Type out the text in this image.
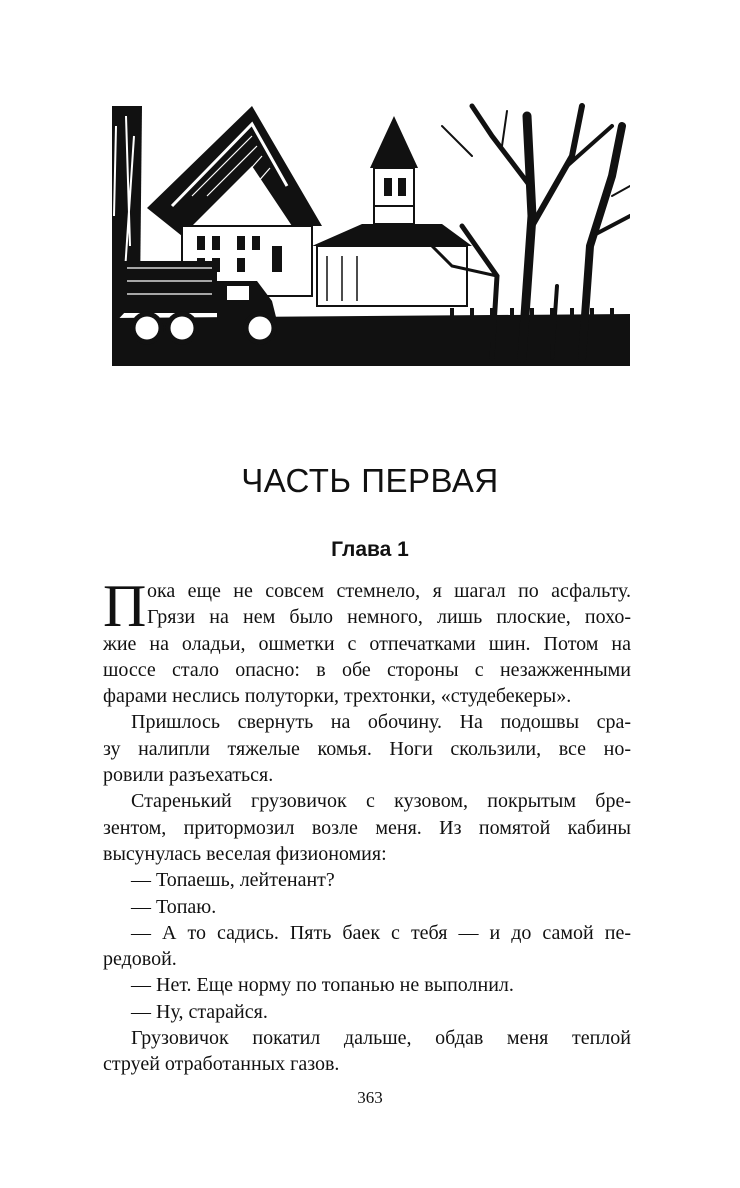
ЧАСТЬ ПЕРВАЯ
Глава 1
П ока еще не совсем стемнело, я шагал по асфальту.
Грязи на нем было немного, лишь плоские, похо-
жие на оладьи, ошметки с отпечатками шин. Потом на
шоссе стало опасно: в обе стороны с незажженными
фарами неслись полуторки, трехтонки, «студебекеры».
Пришлось свернуть на обочину. На подошвы сра-
зу налипли тяжелые комья. Ноги скользили, все но-
ровили разъехаться.
Старенький грузовичок с кузовом, покрытым бре-
зентом, притормозил возле меня. Из помятой кабины
высунулась веселая физиономия:
— Топаешь, лейтенант?
— Топаю.
— А то садись. Пять баек с тебя — и до самой пе-
редовой.
— Нет. Еще норму по топанью не выполнил.
— Ну, старайся.
Грузовичок покатил дальше, обдав меня теплой
струей отработанных газов.
363
